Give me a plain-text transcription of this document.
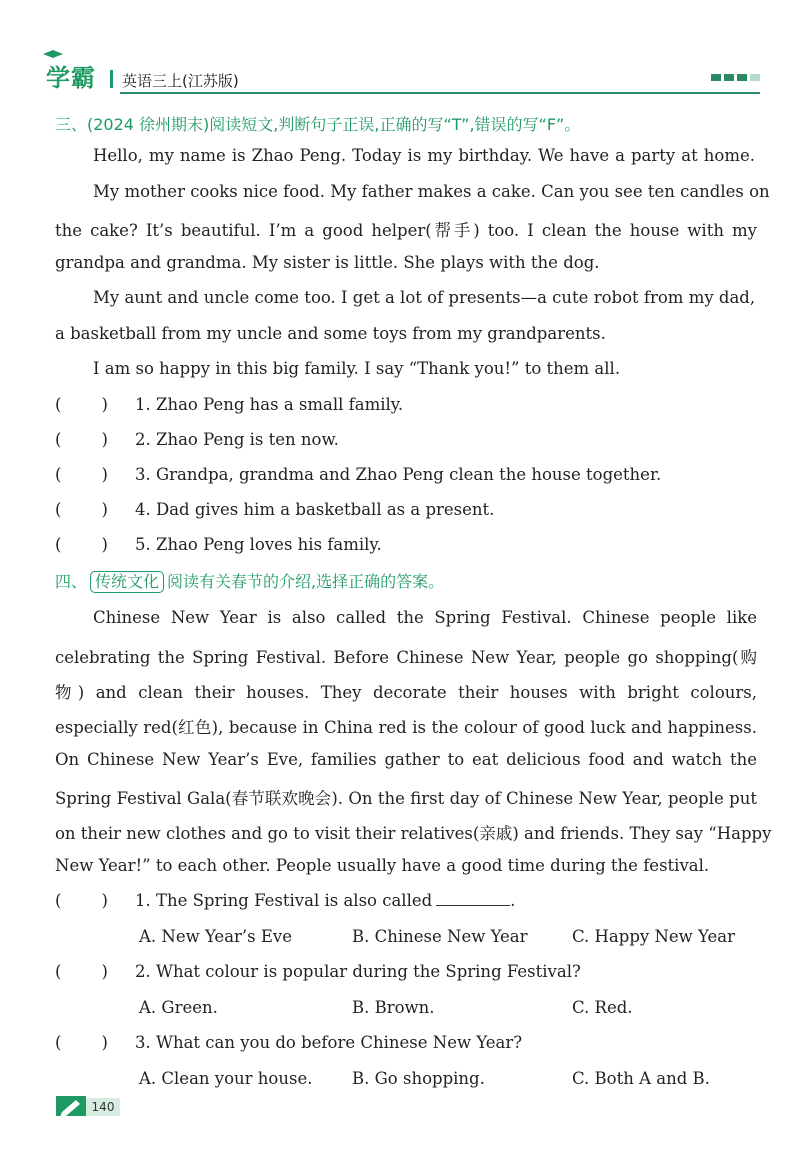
学霸 英语三上(江苏版)
三、(2024 徐州期末)阅读短文,判断句子正误,正确的写“T”,错误的写“F”。
Hello, my name is Zhao Peng. Today is my birthday. We have a party at home.
My mother cooks nice food. My father makes a cake. Can you see ten candles on
the cake? It’s beautiful. I’m a good helper(帮手) too. I clean the house with my
grandpa and grandma. My sister is little. She plays with the dog.
My aunt and uncle come too. I get a lot of presents—a cute robot from my dad,
a basketball from my uncle and some toys from my grandparents.
I am so happy in this big family. I say “Thank you!” to them all.
( ) 1. Zhao Peng has a small family.
( ) 2. Zhao Peng is ten now.
( ) 3. Grandpa, grandma and Zhao Peng clean the house together.
( ) 4. Dad gives him a basketball as a present.
( ) 5. Zhao Peng loves his family.
四、 传统文化 阅读有关春节的介绍,选择正确的答案。
Chinese New Year is also called the Spring Festival. Chinese people like
celebrating the Spring Festival. Before Chinese New Year, people go shopping(购
物) and clean their houses. They decorate their houses with bright colours,
especially red(红色), because in China red is the colour of good luck and happiness.
On Chinese New Year’s Eve, families gather to eat delicious food and watch the
Spring Festival Gala(春节联欢晚会). On the first day of Chinese New Year, people put
on their new clothes and go to visit their relatives(亲戚) and friends. They say “Happy
New Year!” to each other. People usually have a good time during the festival.
( ) 1. The Spring Festival is also called	.
A. New Year’s Eve	B. Chinese New Year	C. Happy New Year
( ) 2. What colour is popular during the Spring Festival?
A. Green.	B. Brown.	C. Red.
( ) 3. What can you do before Chinese New Year?
A. Clean your house. B. Go shopping.	C. Both A and B.
140
